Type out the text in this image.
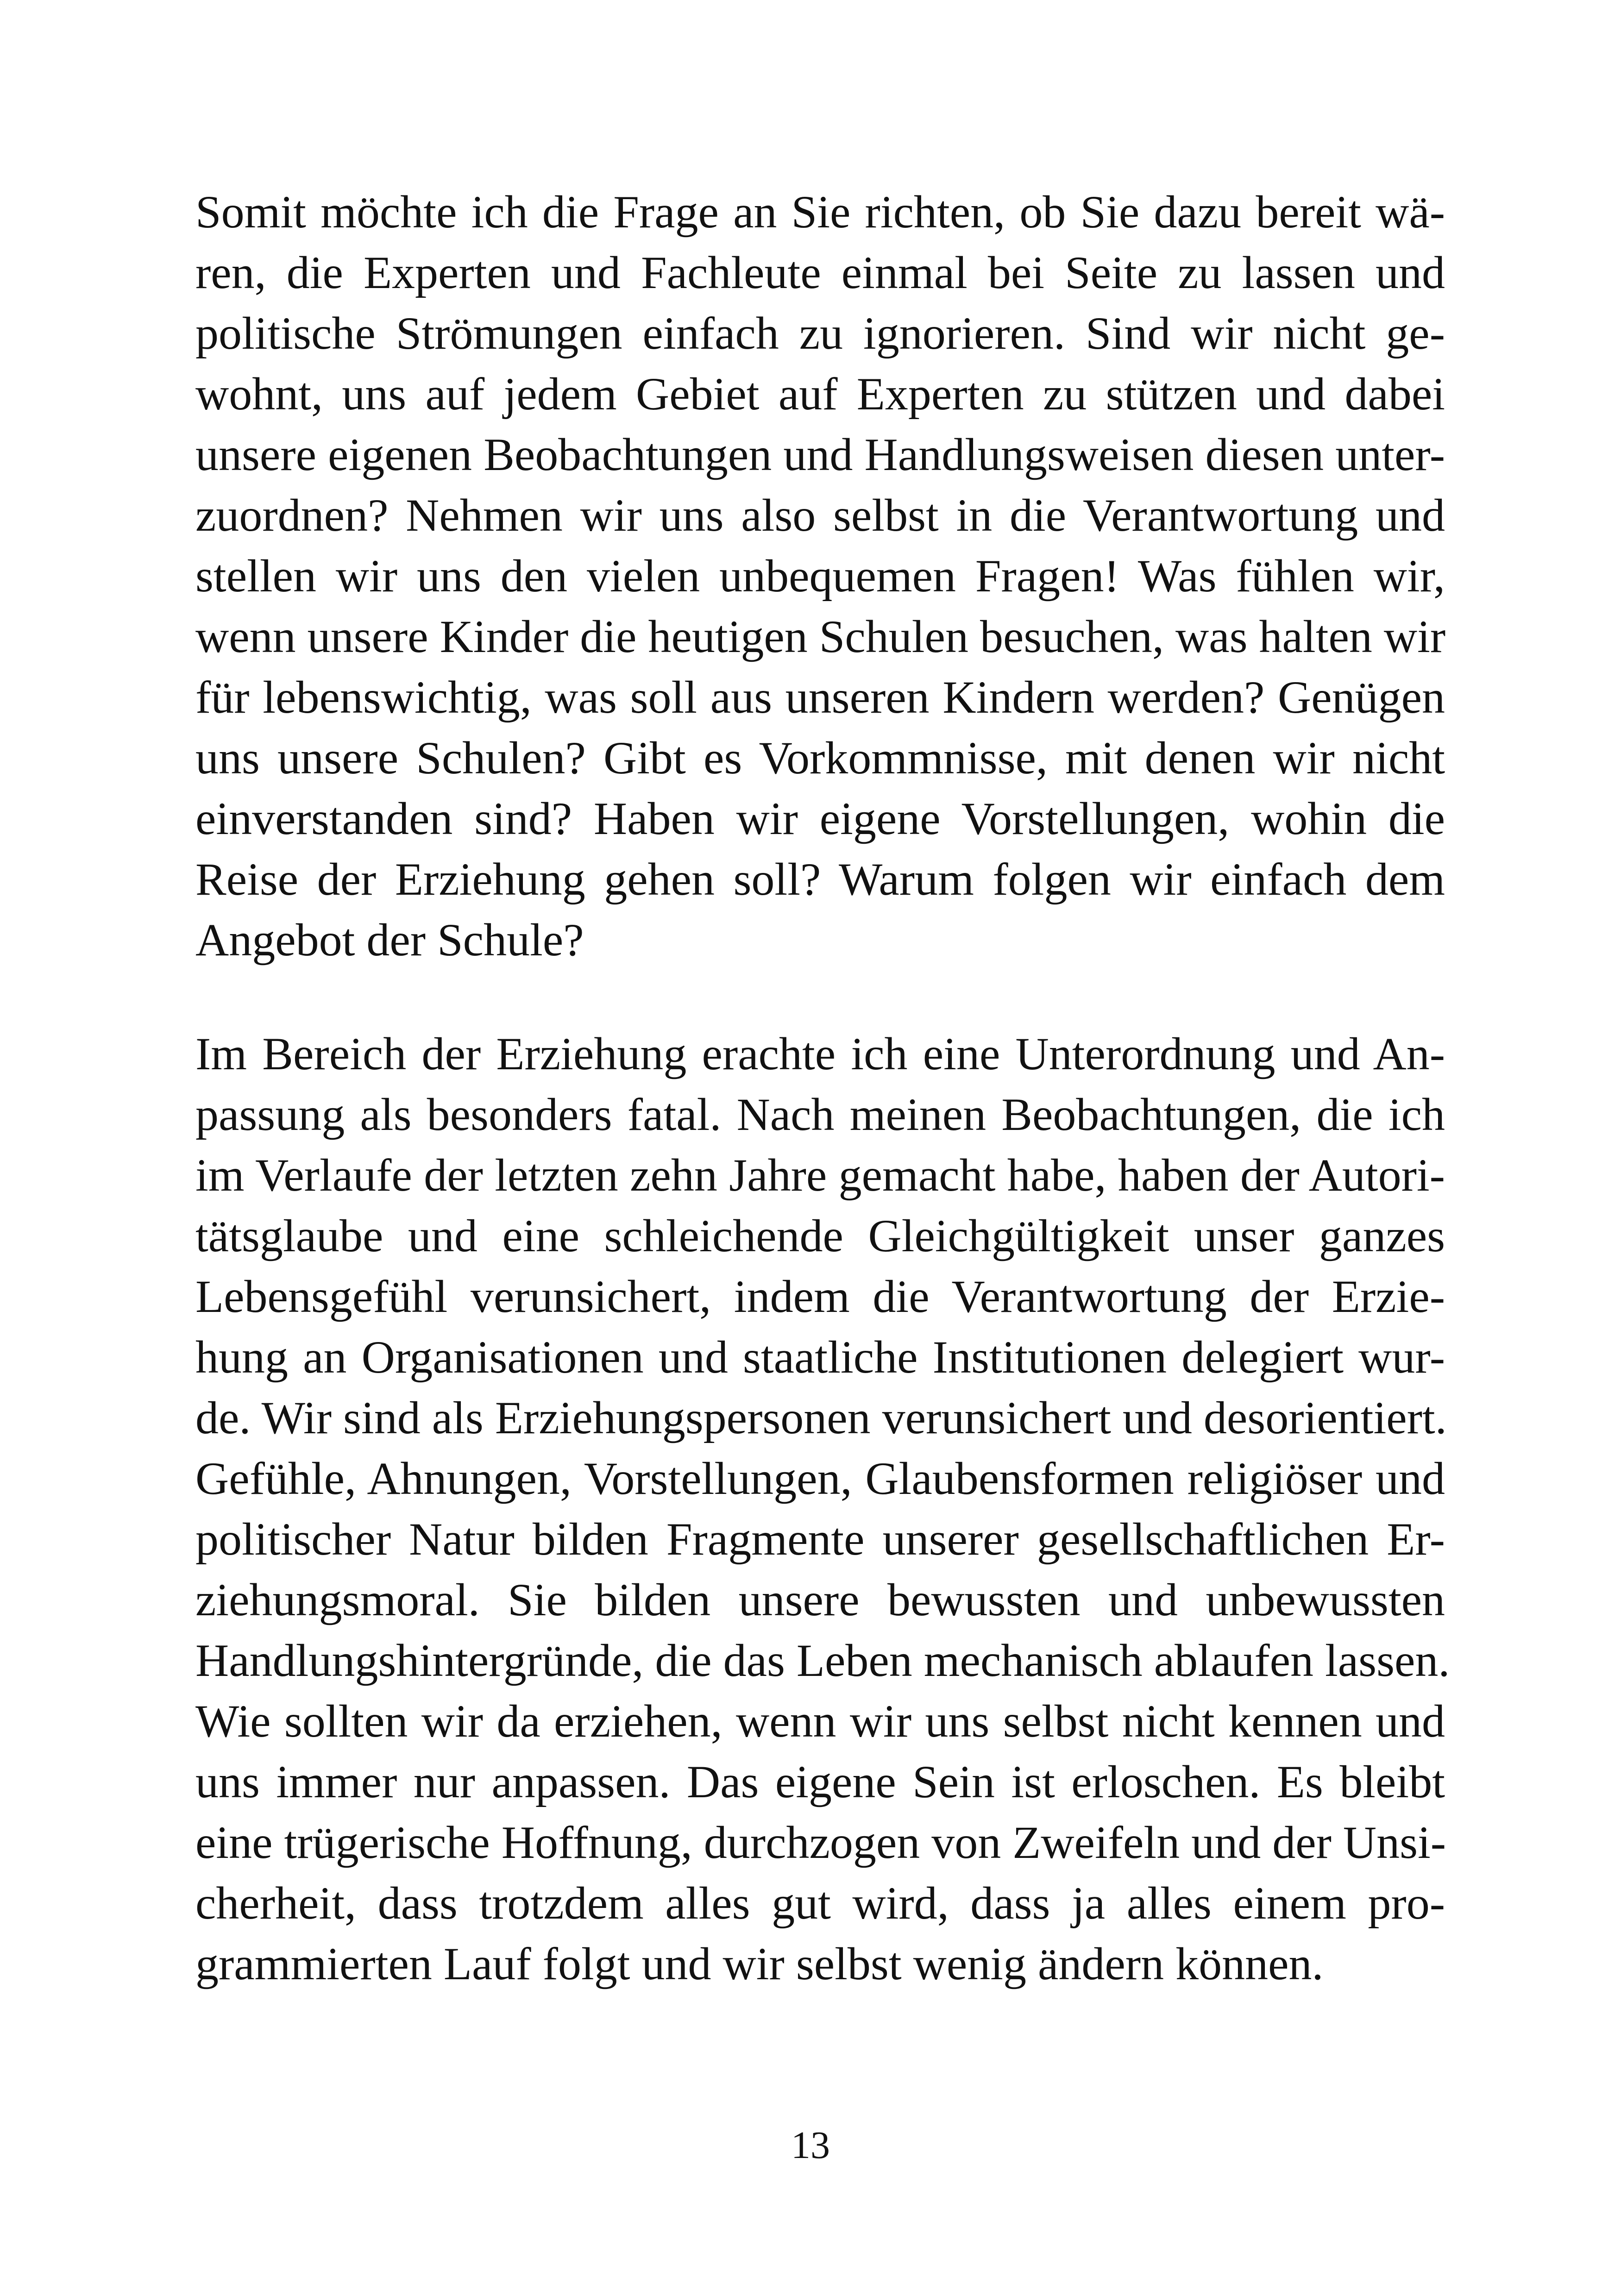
Somit möchte ich die Frage an Sie richten, ob Sie dazu bereit wä-
ren, die Experten und Fachleute einmal bei Seite zu lassen und
politische Strömungen einfach zu ignorieren. Sind wir nicht ge-
wohnt, uns auf jedem Gebiet auf Experten zu stützen und dabei
unsere eigenen Beobachtungen und Handlungsweisen diesen unter-
zuordnen? Nehmen wir uns also selbst in die Verantwortung und
stellen wir uns den vielen unbequemen Fragen! Was fühlen wir,
wenn unsere Kinder die heutigen Schulen besuchen, was halten wir
für lebenswichtig, was soll aus unseren Kindern werden? Genügen
uns unsere Schulen? Gibt es Vorkommnisse, mit denen wir nicht
einverstanden sind? Haben wir eigene Vorstellungen, wohin die
Reise der Erziehung gehen soll? Warum folgen wir einfach dem
Angebot der Schule?
Im Bereich der Erziehung erachte ich eine Unterordnung und An-
passung als besonders fatal. Nach meinen Beobachtungen, die ich
im Verlaufe der letzten zehn Jahre gemacht habe, haben der Autori-
tätsglaube und eine schleichende Gleichgültigkeit unser ganzes
Lebensgefühl verunsichert, indem die Verantwortung der Erzie-
hung an Organisationen und staatliche Institutionen delegiert wur-
de. Wir sind als Erziehungspersonen verunsichert und desorientiert.
Gefühle, Ahnungen, Vorstellungen, Glaubensformen religiöser und
politischer Natur bilden Fragmente unserer gesellschaftlichen Er-
ziehungsmoral. Sie bilden unsere bewussten und unbewussten
Handlungshintergründe, die das Leben mechanisch ablaufen lassen.
Wie sollten wir da erziehen, wenn wir uns selbst nicht kennen und
uns immer nur anpassen. Das eigene Sein ist erloschen. Es bleibt
eine trügerische Hoffnung, durchzogen von Zweifeln und der Unsi-
cherheit, dass trotzdem alles gut wird, dass ja alles einem pro-
grammierten Lauf folgt und wir selbst wenig ändern können.
13
